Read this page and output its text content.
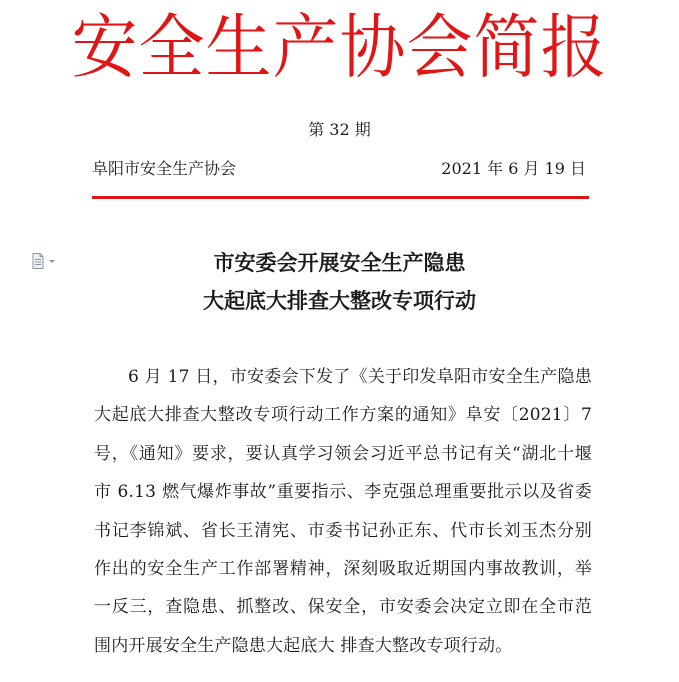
安全生产协会简报
第 32 期
阜阳市安全生产协会	2021 年 6 月 19 日
市安委会开展安全生产隐患
大起底大排查大整改专项行动
6 月 17 日，市安委会下发了《关于印发阜阳市安全生产隐患大起底大排查大整改专项行动工作方案的通知》阜安〔2021〕7 号，《通知》要求，要认真学习领会习近平总书记有关“湖北十堰市 6.13 燃气爆炸事故”重要指示、李克强总理重要批示以及省委书记李锦斌、省长王清宪、市委书记孙正东、代市长刘玉杰分别作出的安全生产工作部署精神，深刻吸取近期国内事故教训，举一反三，查隐患、抓整改、保安全，市安委会决定立即在全市范围内开展安全生产隐患大起底大 排查大整改专项行动。
